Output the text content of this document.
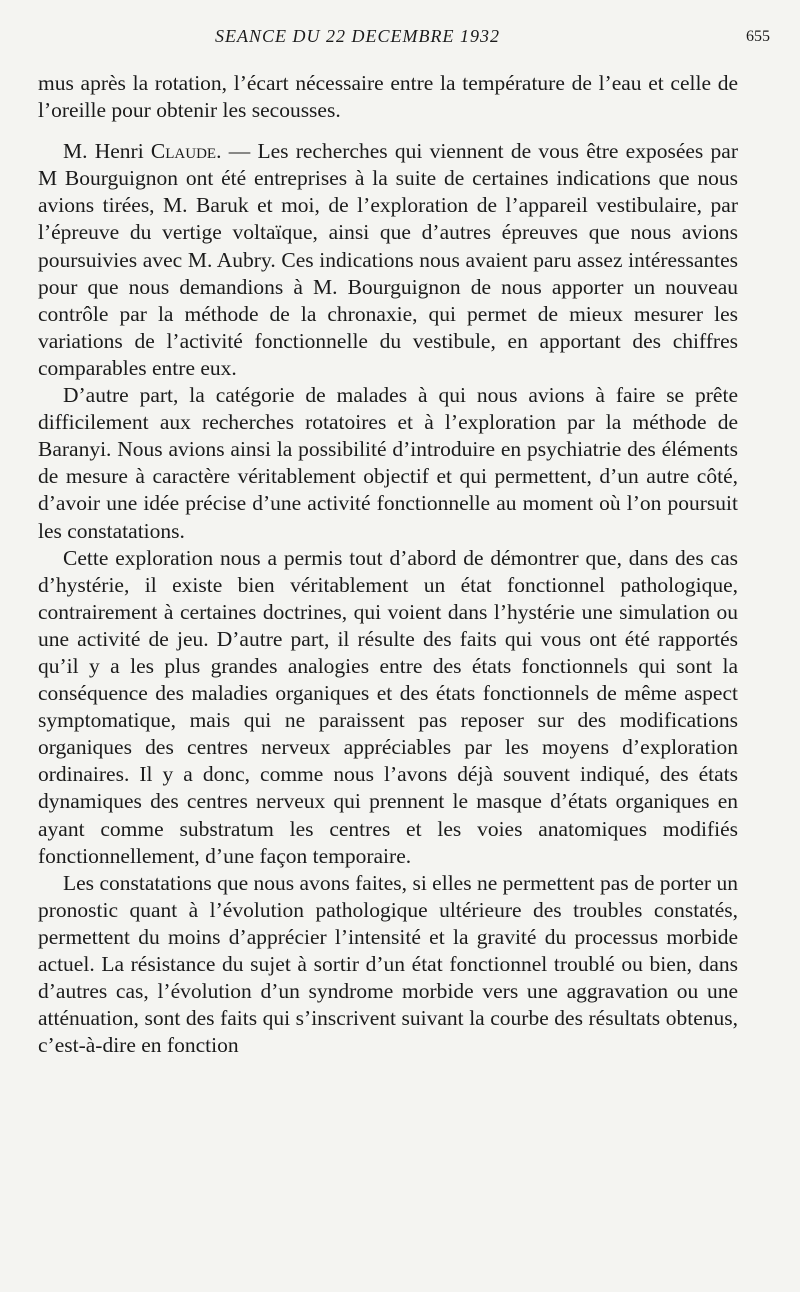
SEANCE DU 22 DECEMBRE 1932	655

mus après la rotation, l’écart nécessaire entre la température de l’eau et celle de l’oreille pour obtenir les secousses.

M. Henri Claude. — Les recherches qui viennent de vous être exposées par M Bourguignon ont été entreprises à la suite de certaines indications que nous avions tirées, M. Baruk et moi, de l’exploration de l’appareil vestibulaire, par l’épreuve du vertige voltaïque, ainsi que d’autres épreuves que nous avions poursuivies avec M. Aubry. Ces indications nous avaient paru assez intéressantes pour que nous demandions à M. Bourguignon de nous apporter un nouveau contrôle par la méthode de la chronaxie, qui permet de mieux mesurer les variations de l’activité fonctionnelle du vestibule, en apportant des chiffres comparables entre eux.

D’autre part, la catégorie de malades à qui nous avions à faire se prête difficilement aux recherches rotatoires et à l’exploration par la méthode de Baranyi. Nous avions ainsi la possibilité d’introduire en psychiatrie des éléments de mesure à caractère véritablement objectif et qui permettent, d’un autre côté, d’avoir une idée précise d’une activité fonctionnelle au moment où l’on poursuit les constatations.

Cette exploration nous a permis tout d’abord de démontrer que, dans des cas d’hystérie, il existe bien véritablement un état fonctionnel pathologique, contrairement à certaines doctrines, qui voient dans l’hystérie une simulation ou une activité de jeu. D’autre part, il résulte des faits qui vous ont été rapportés qu’il y a les plus grandes analogies entre des états fonctionnels qui sont la conséquence des maladies organiques et des états fonctionnels de même aspect symptomatique, mais qui ne paraissent pas reposer sur des modifications organiques des centres nerveux appréciables par les moyens d’exploration ordinaires. Il y a donc, comme nous l’avons déjà souvent indiqué, des états dynamiques des centres nerveux qui prennent le masque d’états organiques en ayant comme substratum les centres et les voies anatomiques modifiés fonctionnellement, d’une façon temporaire.

Les constatations que nous avons faites, si elles ne permettent pas de porter un pronostic quant à l’évolution pathologique ultérieure des troubles constatés, permettent du moins d’apprécier l’intensité et la gravité du processus morbide actuel. La résistance du sujet à sortir d’un état fonctionnel troublé ou bien, dans d’autres cas, l’évolution d’un syndrome morbide vers une aggravation ou une atténuation, sont des faits qui s’inscrivent suivant la courbe des résultats obtenus, c’est-à-dire en fonction
